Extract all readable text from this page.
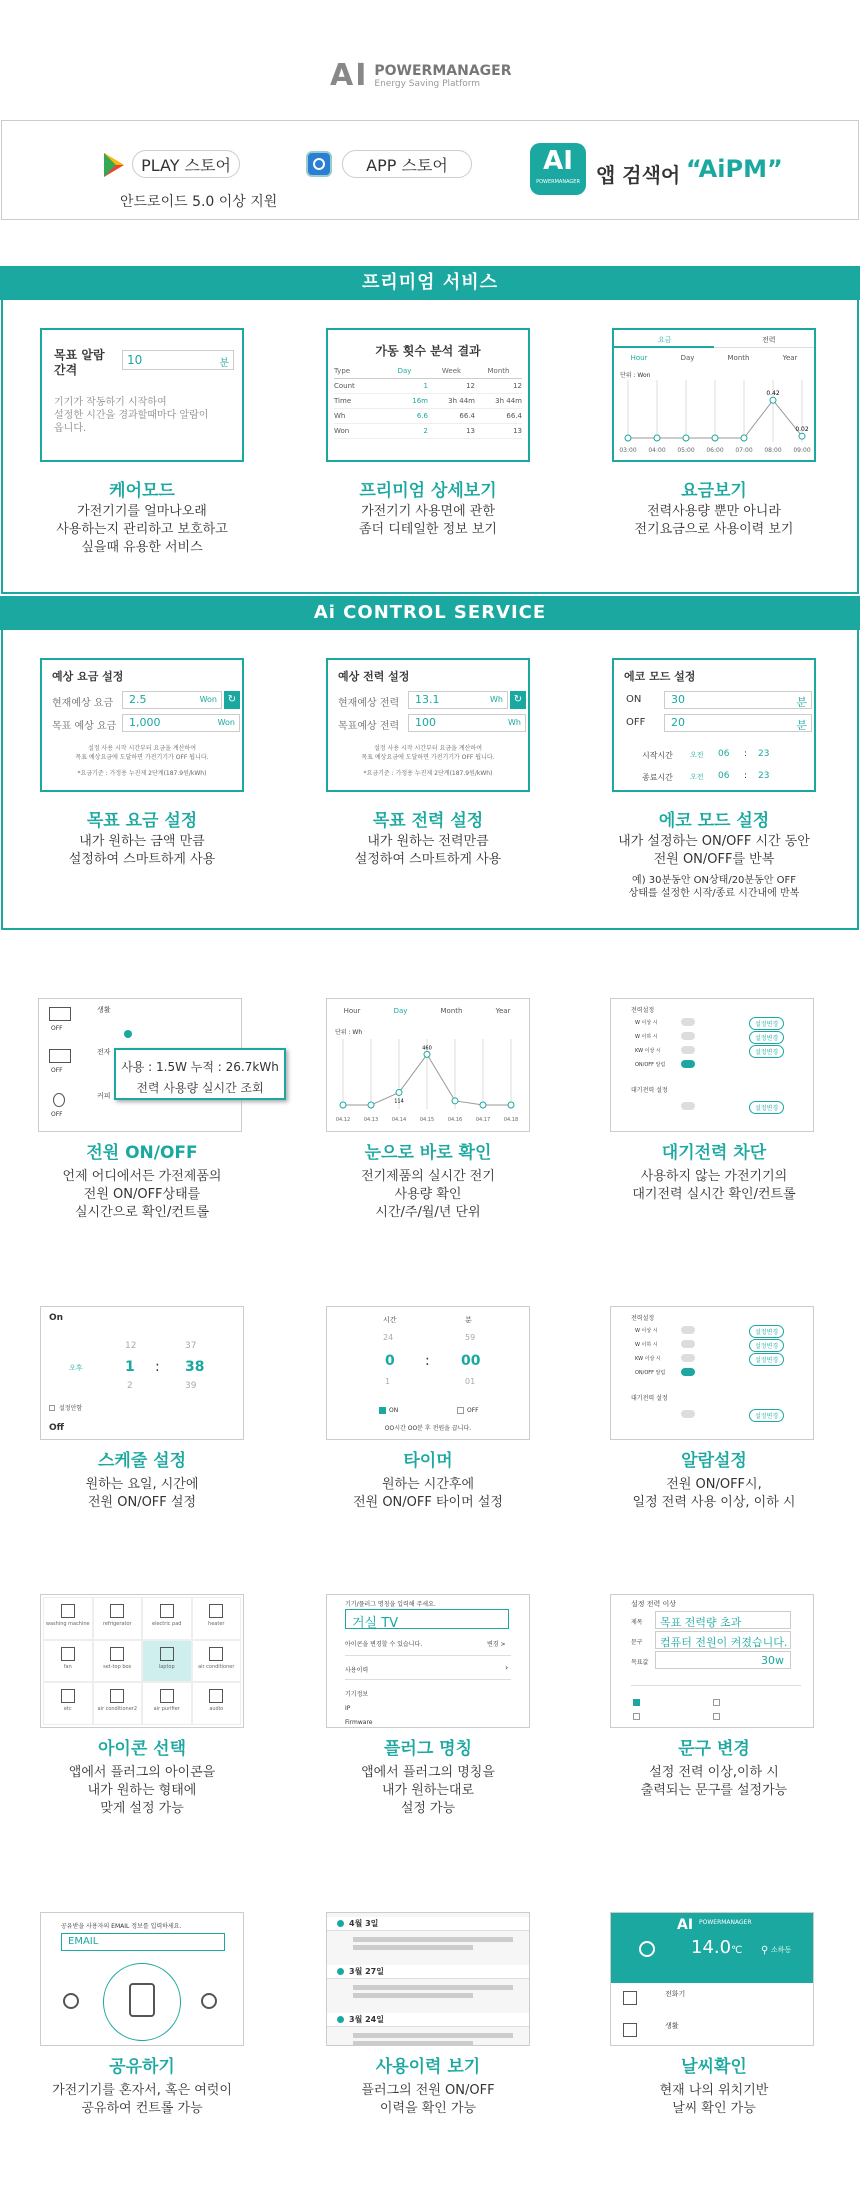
AI POWERMANAGER
Energy Saving Platform
PLAY 스토어
안드로이드 5.0 이상 지원
APP 스토어	AI
POWERMANAGER 앱 검색어 “AiPM”
프리미엄 서비스
목표 알람
간격
10	분
기기가 작동하기 시작하여
설정한 시간을 경과할때마다 알람이
옵니다.
케어모드
가전기기를 얼마나오래
사용하는지 관리하고 보호하고
싶을때 유용한 서비스
가동 횟수 분석 결과
Type	Day	Week	Month
Count	1	12	12
Time	16m	3h 44m	3h 44m
Wh	6.6	66.4	66.4
Won	2	13	13
프리미엄 상세보기
가전기기 사용면에 관한
좀더 디테일한 정보 보기
요금	전력
Hour	Day	Month	Year
단위 : Won
03:00 04:00 05:00 06:00 07:00 08:00 09:00
0.42
0.02
요금보기
전력사용량 뿐만 아니라
전기요금으로 사용이력 보기
Ai CONTROL SERVICE
예상 요금 설정
현재예상 요금	2.5	Won	↻
목표 예상 요금	1,000	Won
설정 사용 시작 시간부터 요금을 계산하여
목표 예상요금에 도달하면 가전기기가 OFF 됩니다.
*요금기준 : 가정용 누진제 2단계(187.9원/kWh)
목표 요금 설정
내가 원하는 금액 만큼
설정하여 스마트하게 사용
예상 전력 설정
현재예상 전력	13.1	Wh	↻
목표예상 전력	100	Wh
설정 사용 시작 시간부터 요금을 계산하여
목표 예상요금에 도달하면 가전기기가 OFF 됩니다.
*요금기준 : 가정용 누진제 2단계(187.9원/kWh)
목표 전력 설정
내가 원하는 전력만큼
설정하여 스마트하게 사용
에코 모드 설정
ON	30	분
OFF	20	분
시작시간 오전 06 : 23
종료시간 오전 06 : 23
에코 모드 설정
내가 설정하는 ON/OFF 시간 동안
전원 ON/OFF를 반복
예) 30분동안 ON상태/20분동안 OFF
상태를 설정한 시작/종료 시간내에 반복
전원 ON/OFF
언제 어디에서든 가전제품의
전원 ON/OFF상태를
실시간으로 확인/컨트롤
눈으로 바로 확인
전기제품의 실시간 전기
사용량 확인
시간/주/월/년 단위
대기전력 차단
사용하지 않는 가전기기의
대기전력 실시간 확인/컨트롤
스케줄 설정
원하는 요일, 시간에
전원 ON/OFF 설정
타이머
원하는 시간후에
전원 ON/OFF 타이머 설정
알람설정
전원 ON/OFF시,
일정 전력 사용 이상, 이하 시
아이콘 선택
앱에서 플러그의 아이콘을
내가 원하는 형태에
맞게 설정 가능
플러그 명칭
앱에서 플러그의 명칭을
내가 원하는대로
설정 가능
문구 변경
설정 전력 이상,이하 시
출력되는 문구를 설정가능
공유하기
가전기기를 혼자서, 혹은 여럿이
공유하여 컨트롤 가능
사용이력 보기
플러그의 전원 ON/OFF
이력을 확인 가능
날씨확인
현재 나의 위치기반
날씨 확인 가능
OFF
생활
OFF
전자
OFF
커피
사용 : 1.5W 누적 : 26.7kWh
전력 사용량 실시간 조회
Hour	Day	Month	Year
단위 : Wh
04.12	04.13	04.14	04.15	04.16	04.17	04.18
460
114
전력설정
W 이상 시	설정변경
W 이하 시	설정변경
KW 이상 시	설정변경
ON/OFF 알림
대기전력 설정
설정변경
On
오후	1 : 38
12	37
2	39
설정안함
Off
시간	분
24	59
0 : 00
1	01
ON	OFF
OO시간 OO분 후 전원을 끕니다.
전력설정
W 이상 시	설정변경
W 이하 시	설정변경
KW 이상 시	설정변경
ON/OFF 알림
대기전력 설정
설정변경
washing machine	refrigerator	electric pad	heater
fan	set-top box	laptop	air conditioner
etc	air conditioner2	air purifier	audio
기기/플러그 명칭을 입력해 주세요.
거실 TV
아이콘을 변경할 수 있습니다.	변경 >
사용이력	›
기기정보
IP
Firmware
설정 전력 이상
제목 목표 전력량 초과
문구 컴퓨터 전원이 켜졌습니다.
목표값	30w
공유받을 사용자의 EMAIL 정보를 입력하세요.
EMAIL
4월 3일
3월 27일
3월 24일
AI POWERMANAGER
14.0℃ ⚲ 소하동
전화기
생활
